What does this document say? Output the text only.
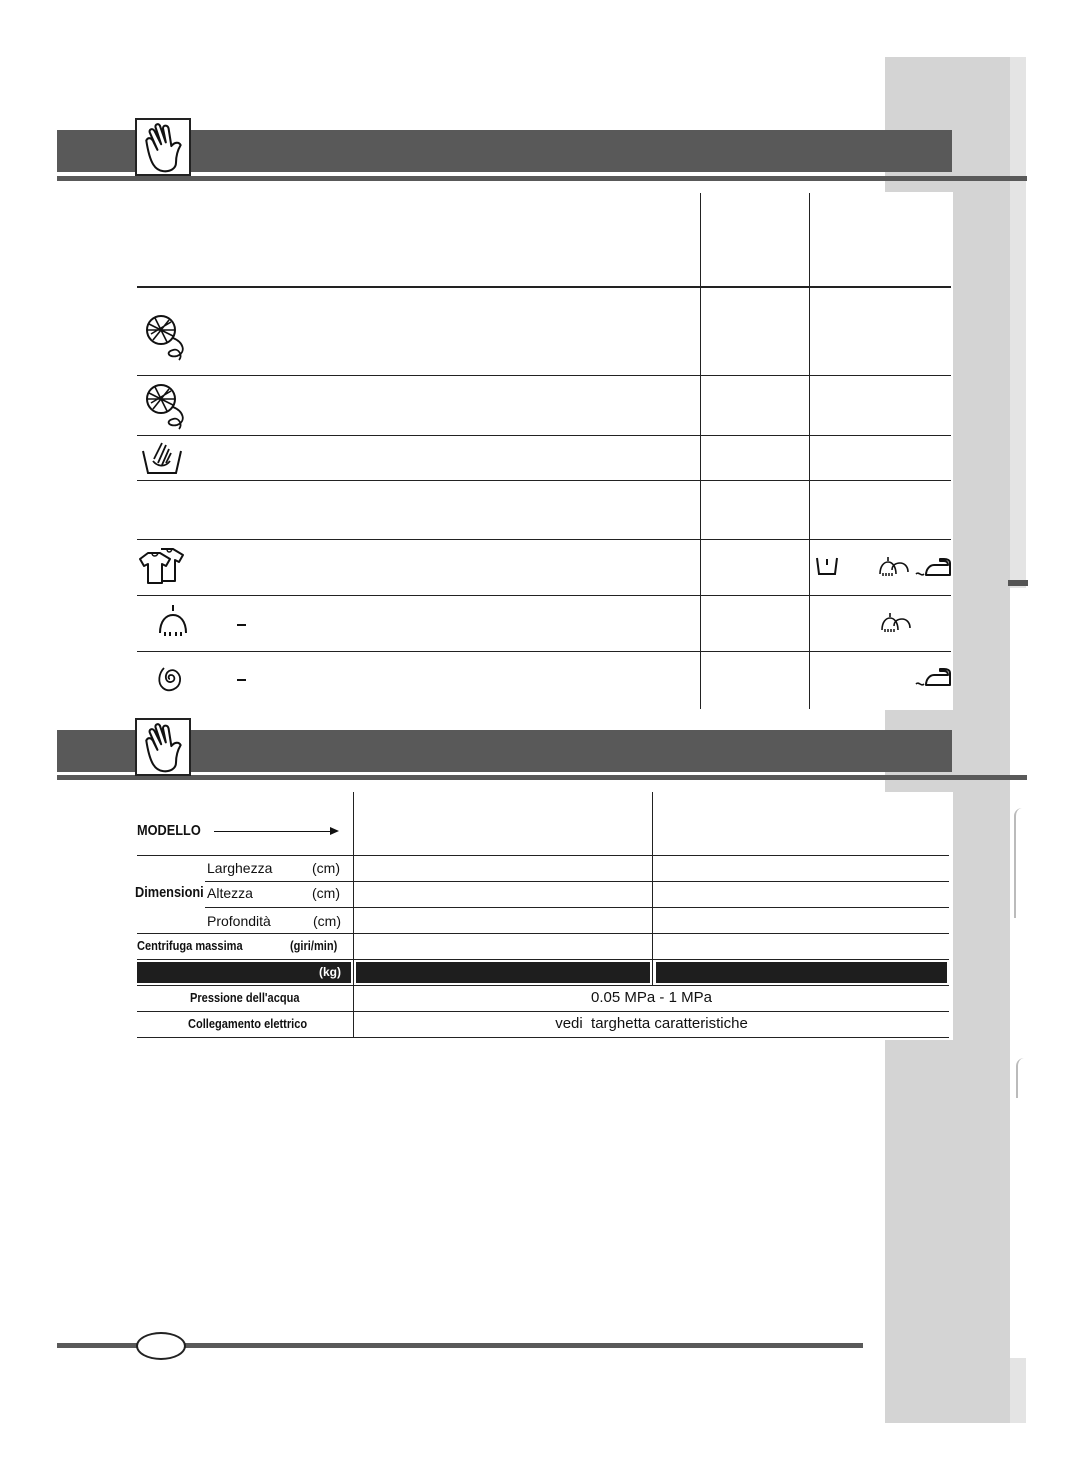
MODELLO
Dimensioni
Larghezza	(cm)
Altezza	(cm)
Profondità	(cm)
Centrifuga massima	(giri/min)
(kg)
Pressione dell'acqua	0.05 MPa - 1 MPa
Collegamento elettrico	vedi  targhetta caratteristiche
